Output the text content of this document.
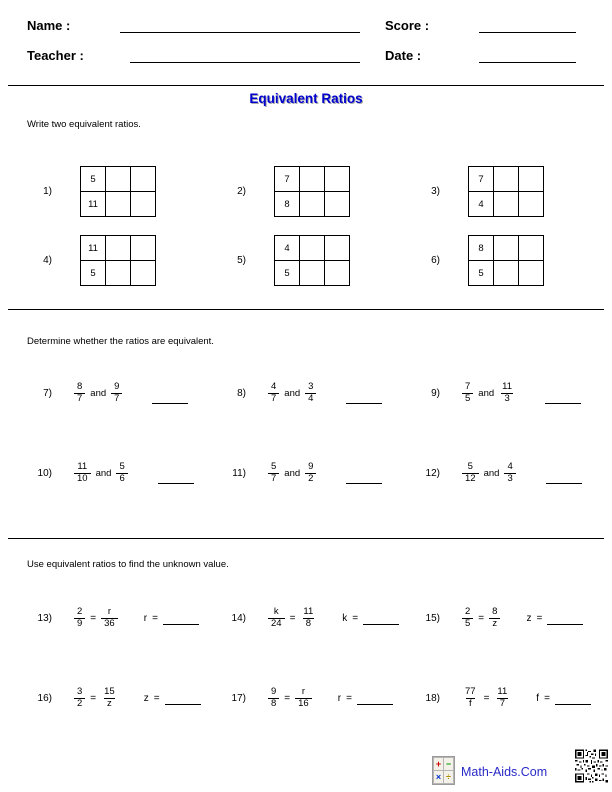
Name :	Score :
Teacher :	Date :
Equivalent Ratios
Write two equivalent ratios.
1)
5		
11		
2)
7		
8		
3)
7		
4		
4)
11		
5		
5)
4		
5		
6)
8		
5		
Determine whether the ratios are equivalent.
$7) \frac{8}{7}$ and $\frac{9}{7}$	$8) \frac{4}{7}$ and $\frac{3}{4}$	$9) \frac{7}{5}$ and $\frac{11}{3}$
$10) \frac{11}{10}$ and $\frac{5}{6}$	$11) \frac{5}{7}$ and $\frac{9}{2}$	$12) \frac{5}{12}$ and $\frac{4}{3}$
Use equivalent ratios to find the unknown value.
$13) \frac{2}{9} = \frac{r}{36}$	r =	$14) \frac{k}{24} = \frac{11}{8}$	k =	$15) \frac{2}{5} = \frac{8}{z}$	z =
$16) \frac{3}{2} = \frac{15}{z}$	z =	$17) \frac{9}{8} = \frac{r}{16}$	r =	$18) \frac{77}{f} = \frac{11}{7}$	f =
+ −
× ÷ Math-Aids.Com
